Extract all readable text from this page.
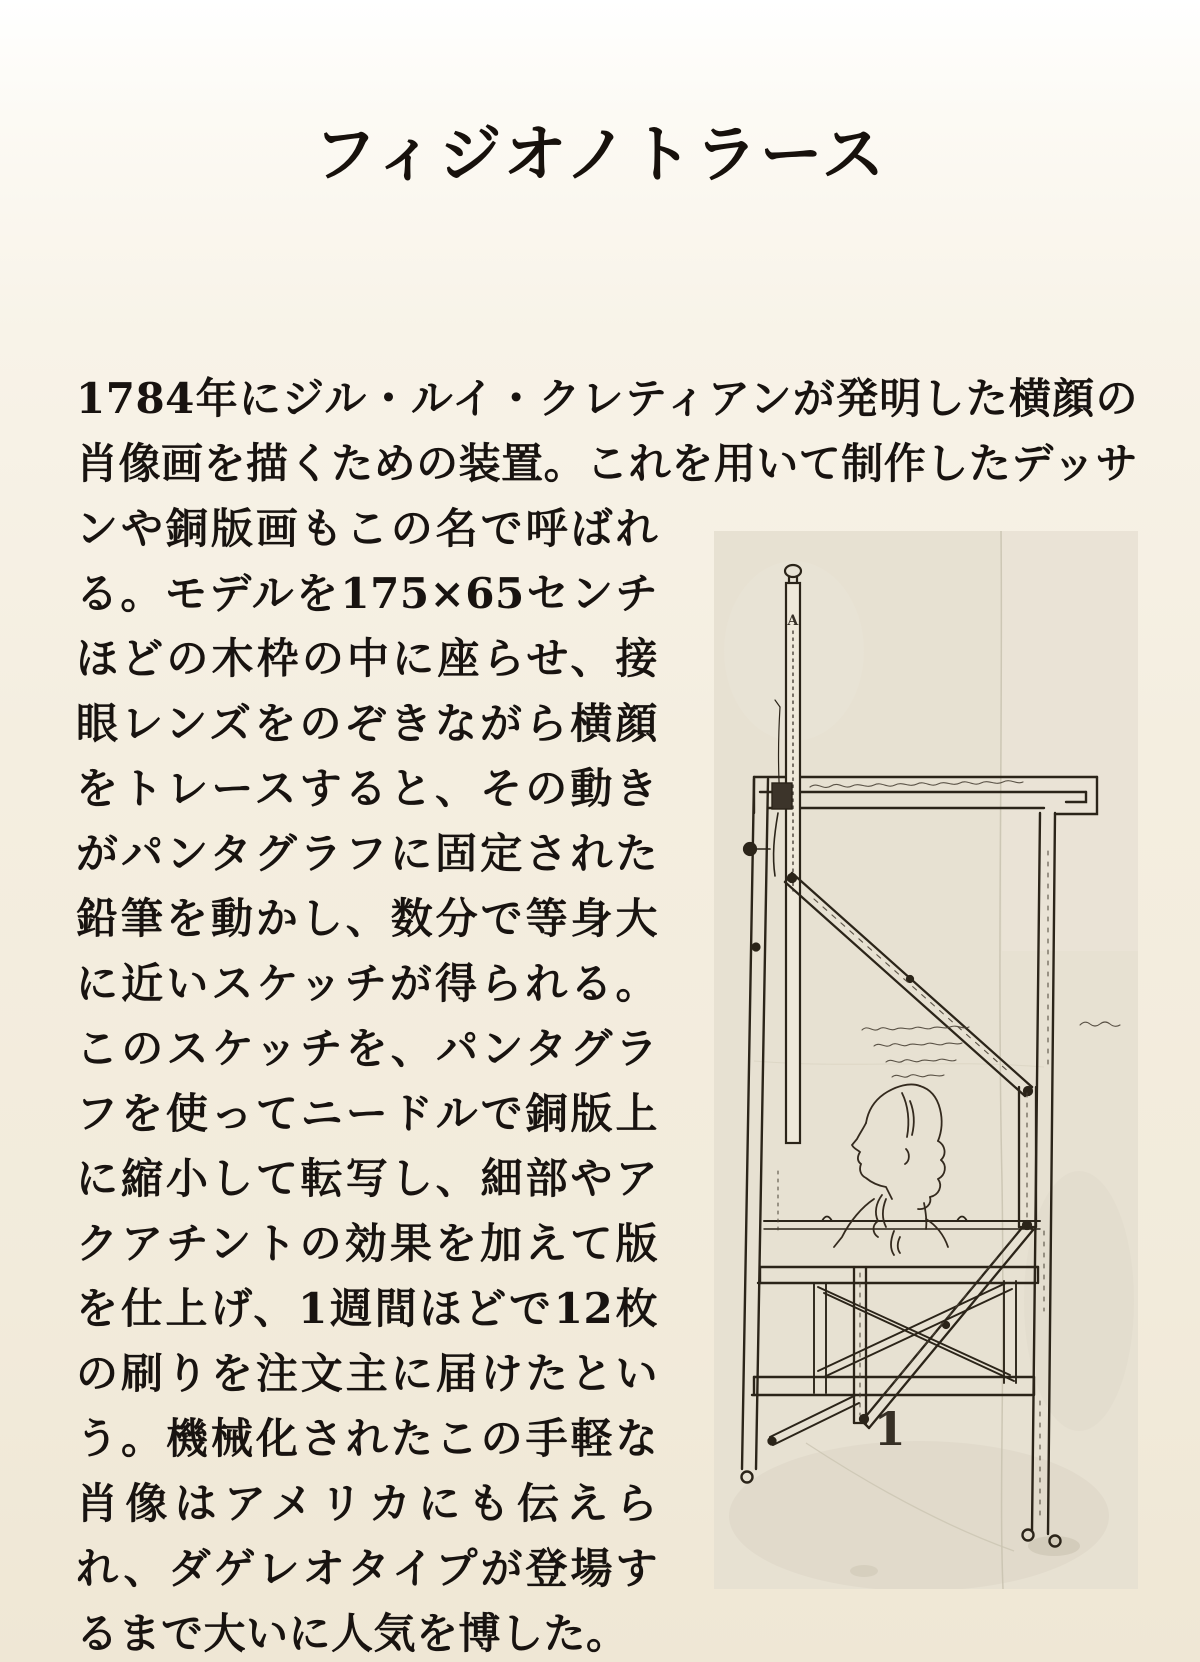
フィジオノトラース
A
1
1784年にジル・ルイ・クレティアンが発明した横顔の肖像画を描くための装置。これを用いて制作したデッサンや銅版画もこの名で呼ばれる。モデルを175×65センチほどの木枠の中に座らせ、接眼レンズをのぞきながら横顔をトレースすると、その動きがパンタグラフに固定された鉛筆を動かし、数分で等身大に近いスケッチが得られる。このスケッチを、パンタグラフを使ってニードルで銅版上に縮小して転写し、細部やアクアチントの効果を加えて版を仕上げ、1週間ほどで12枚の刷りを注文主に届けたという。機械化されたこの手軽な肖像はアメリカにも伝えられ、ダゲレオタイプが登場するまで大いに人気を博した。
